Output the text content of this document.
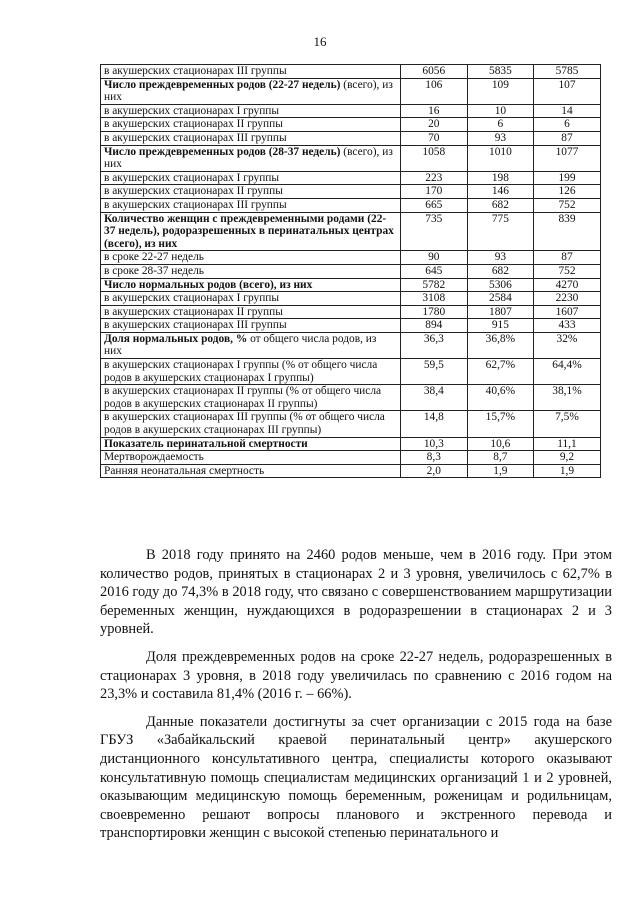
16
в акушерских стационарах III группы	6056	5835	5785
Число преждевременных родов (22-27 недель) (всего), из них	106	109	107
в акушерских стационарах I группы	16	10	14
в акушерских стационарах II группы	20	6	6
в акушерских стационарах III группы	70	93	87
Число преждевременных родов (28-37 недель) (всего), из них	1058	1010	1077
в акушерских стационарах I группы	223	198	199
в акушерских стационарах II группы	170	146	126
в акушерских стационарах III группы	665	682	752
Количество женщин с преждевременными родами (22-37 недель), родоразрешенных в перинатальных центрах (всего), из них	735	775	839
в сроке 22-27 недель	90	93	87
в сроке 28-37 недель	645	682	752
Число нормальных родов (всего), из них	5782	5306	4270
в акушерских стационарах I группы	3108	2584	2230
в акушерских стационарах II группы	1780	1807	1607
в акушерских стационарах III группы	894	915	433
Доля нормальных родов, % от общего числа родов, из них	36,3	36,8%	32%
в акушерских стационарах I группы (% от общего числа родов в акушерских стационарах I группы)	59,5	62,7%	64,4%
в акушерских стационарах II группы (% от общего числа родов в акушерских стационарах II группы)	38,4	40,6%	38,1%
в акушерских стационарах III группы (% от общего числа родов в акушерских стационарах III группы)	14,8	15,7%	7,5%
Показатель перинатальной смертности	10,3	10,6	11,1
Мертворождаемость	8,3	8,7	9,2
Ранняя неонатальная смертность	2,0	1,9	1,9

В 2018 году принято на 2460 родов меньше, чем в 2016 году. При этом количество родов, принятых в стационарах 2 и 3 уровня, увеличилось с 62,7% в 2016 году до 74,3% в 2018 году, что связано с совершенствованием маршрутизации беременных женщин, нуждающихся в родоразрешении в стационарах 2 и 3 уровней.

Доля преждевременных родов на сроке 22-27 недель, родоразрешенных в стационарах 3 уровня, в 2018 году увеличилась по сравнению с 2016 годом на 23,3% и составила 81,4% (2016 г. – 66%).

Данные показатели достигнуты за счет организации с 2015 года на базе ГБУЗ «Забайкальский краевой перинатальный центр» акушерского дистанционного консультативного центра, специалисты которого оказывают консультативную помощь специалистам медицинских организаций 1 и 2 уровней, оказывающим медицинскую помощь беременным, роженицам и родильницам, своевременно решают вопросы планового и экстренного перевода и транспортировки женщин с высокой степенью перинатального и
